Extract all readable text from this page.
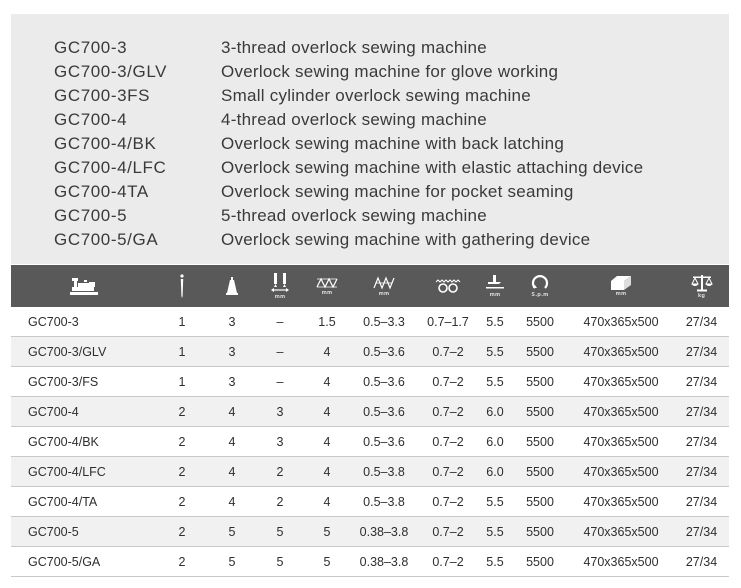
GC700-3	3-thread overlock sewing machine
GC700-3/GLV	Overlock sewing machine for glove working
GC700-3FS	Small cylinder overlock sewing machine
GC700-4	4-thread overlock sewing machine
GC700-4/BK	Overlock sewing machine with back latching
GC700-4/LFC	Overlock sewing machine with elastic attaching device
GC700-4TA	Overlock sewing machine for pocket seaming
GC700-5	5-thread overlock sewing machine
GC700-5/GA	Overlock sewing machine with gathering device

mm	mm	mm		mm	S.p.m	mm	kg

GC700-3	1	3	–	1.5	0.5–3.3	0.7–1.7	5.5	5500	470x365x500	27/34
GC700-3/GLV	1	3	–	4	0.5–3.6	0.7–2	5.5	5500	470x365x500	27/34
GC700-3/FS	1	3	–	4	0.5–3.6	0.7–2	5.5	5500	470x365x500	27/34
GC700-4	2	4	3	4	0.5–3.6	0.7–2	6.0	5500	470x365x500	27/34
GC700-4/BK	2	4	3	4	0.5–3.6	0.7–2	6.0	5500	470x365x500	27/34
GC700-4/LFC	2	4	2	4	0.5–3.8	0.7–2	6.0	5500	470x365x500	27/34
GC700-4/TA	2	4	2	4	0.5–3.8	0.7–2	5.5	5500	470x365x500	27/34
GC700-5	2	5	5	5	0.38–3.8	0.7–2	5.5	5500	470x365x500	27/34
GC700-5/GA	2	5	5	5	0.38–3.8	0.7–2	5.5	5500	470x365x500	27/34
